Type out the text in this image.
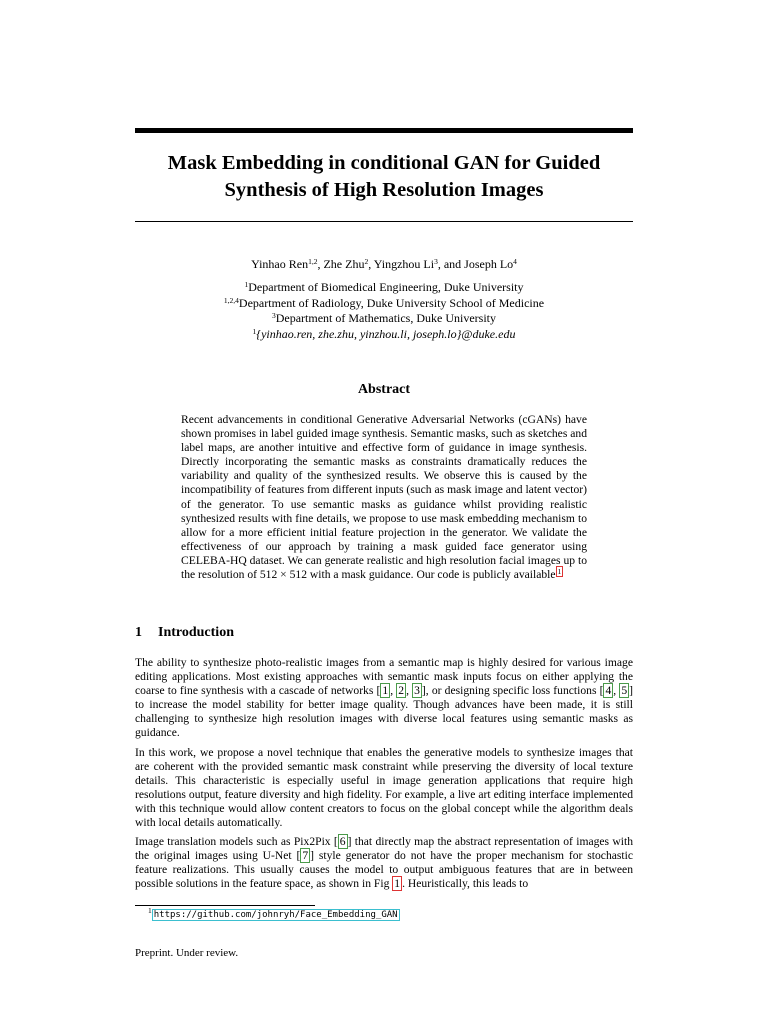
Mask Embedding in conditional GAN for Guided
Synthesis of High Resolution Images
Yinhao Ren$^{1,2}$, Zhe Zhu$^2$, Yingzhou Li$^3$, and Joseph Lo$^4$
$^1$Department of Biomedical Engineering, Duke University
$^{1,2,4}$Department of Radiology, Duke University School of Medicine
$^3$Department of Mathematics, Duke University
$^1${yinhao.ren, zhe.zhu, yinzhou.li, joseph.lo}@duke.edu
Abstract
Recent advancements in conditional Generative Adversarial Networks (cGANs) have shown promises in label guided image synthesis. Semantic masks, such as sketches and label maps, are another intuitive and effective form of guidance in image synthesis. Directly incorporating the semantic masks as constraints dramatically reduces the variability and quality of the synthesized results. We observe this is caused by the incompatibility of features from different inputs (such as mask image and latent vector) of the generator. To use semantic masks as guidance whilst providing realistic synthesized results with fine details, we propose to use mask embedding mechanism to allow for a more efficient initial feature projection in the generator. We validate the effectiveness of our approach by training a mask guided face generator using CELEBA-HQ dataset. We can generate realistic and high resolution facial images up to the resolution of 512 × 512 with a mask guidance. Our code is publicly available $^1$
1 Introduction

The ability to synthesize photo-realistic images from a semantic map is highly desired for various image editing applications. Most existing approaches with semantic mask inputs focus on either applying the coarse to fine synthesis with a cascade of networks [ 1 , 2 , 3 ], or designing specific loss functions [ 4 , 5 ] to increase the model stability for better image quality. Though advances have been made, it is still challenging to synthesize high resolution images with diverse local features using semantic masks as guidance.

In this work, we propose a novel technique that enables the generative models to synthesize images that are coherent with the provided semantic mask constraint while preserving the diversity of local texture details. This characteristic is especially useful in image generation applications that require high resolutions output, feature diversity and high fidelity. For example, a live art editing interface implemented with this technique would allow content creators to focus on the global concept while the algorithm deals with local details automatically.

Image translation models such as Pix2Pix [ 6 ] that directly map the abstract representation of images with the original images using U-Net [ 7 ] style generator do not have the proper mechanism for stochastic feature realizations. This usually causes the model to output ambiguous features that are in between possible solutions in the feature space, as shown in Fig 1 . Heuristically, this leads to

$^1$ https://github.com/johnryh/Face_Embedding_GAN
Preprint. Under review.
